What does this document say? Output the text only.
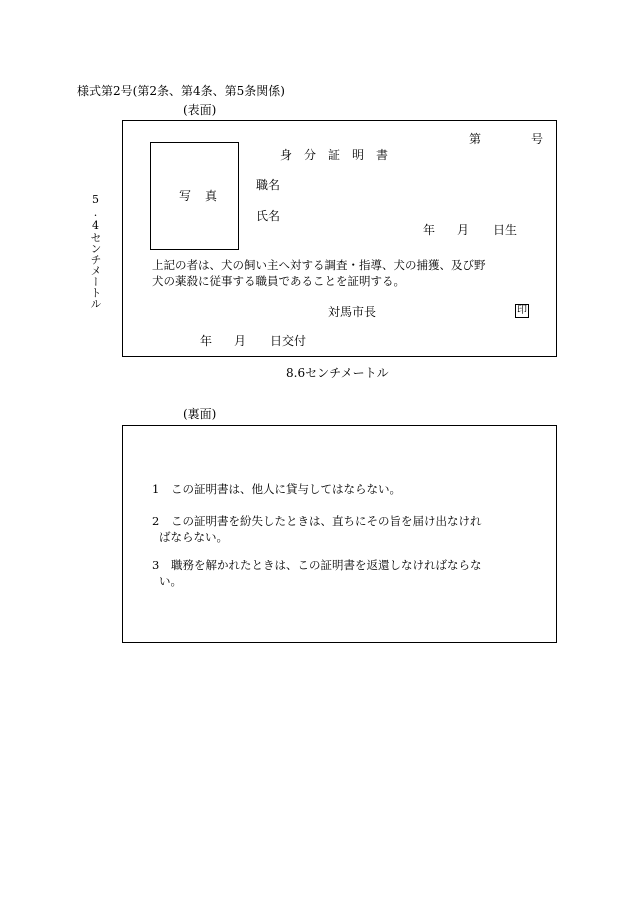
様式第2号(第2条、第4条、第5条関係)
(表面)
5.4センチメートル
第	号
身分証明書
写真
職名
氏名
年 月 日生
上記の者は、犬の飼い主へ対する調査・指導、犬の捕獲、及び野
犬の薬殺に従事する職員であることを証明する。
対馬市長	印
年 月 日交付
8.6センチメートル
(裏面)
1 この証明書は、他人に貸与してはならない。
2 この証明書を紛失したときは、直ちにその旨を届け出なけれ
ばならない。
3 職務を解かれたときは、この証明書を返還しなければならな
い。
